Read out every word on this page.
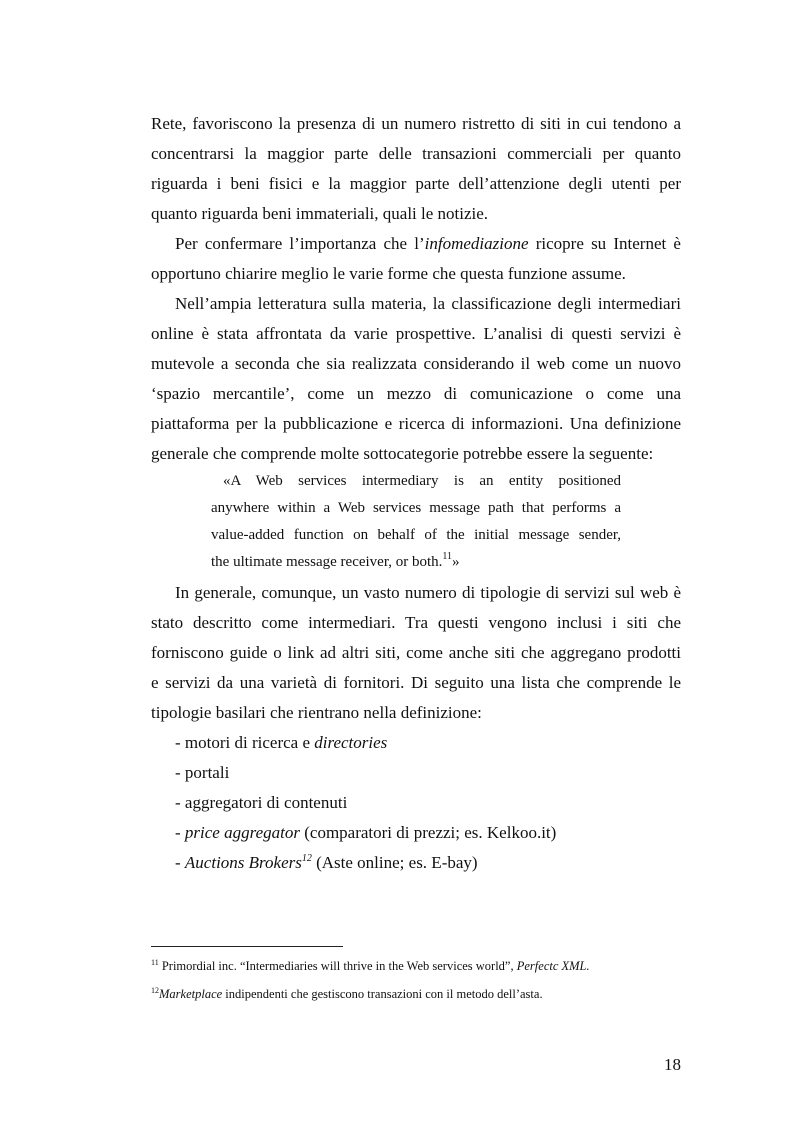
Rete, favoriscono la presenza di un numero ristretto di siti in cui tendono a
concentrarsi la maggior parte delle transazioni commerciali per quanto
riguarda i beni fisici e la maggior parte dell’attenzione degli utenti per
quanto riguarda beni immateriali, quali le notizie.

Per confermare l’importanza che l’infomediazione ricopre su Internet è
opportuno chiarire meglio le varie forme che questa funzione assume.

Nell’ampia letteratura sulla materia, la classificazione degli intermediari
online è stata affrontata da varie prospettive. L’analisi di questi servizi è
mutevole a seconda che sia realizzata considerando il web come un nuovo
‘spazio mercantile’, come un mezzo di comunicazione o come una
piattaforma per la pubblicazione e ricerca di informazioni. Una definizione
generale che comprende molte sottocategorie potrebbe essere la seguente:

«A Web services intermediary is an entity positioned
anywhere within a Web services message path that performs a
value-added function on behalf of the initial message sender,
the ultimate message receiver, or both.$^{11}$»

In generale, comunque, un vasto numero di tipologie di servizi sul web è
stato descritto come intermediari. Tra questi vengono inclusi i siti che
forniscono guide o link ad altri siti, come anche siti che aggregano prodotti
e servizi da una varietà di fornitori. Di seguito una lista che comprende le
tipologie basilari che rientrano nella definizione:

- motori di ricerca e directories
- portali
- aggregatori di contenuti
- price aggregator (comparatori di prezzi; es. Kelkoo.it)
- Auctions Brokers$^{12}$ (Aste online; es. E-bay)

$^{11}$ Primordial inc. “Intermediaries will thrive in the Web services world”, Perfectc XML.

$^{12}$Marketplace indipendenti che gestiscono transazioni con il metodo dell’asta.

18
